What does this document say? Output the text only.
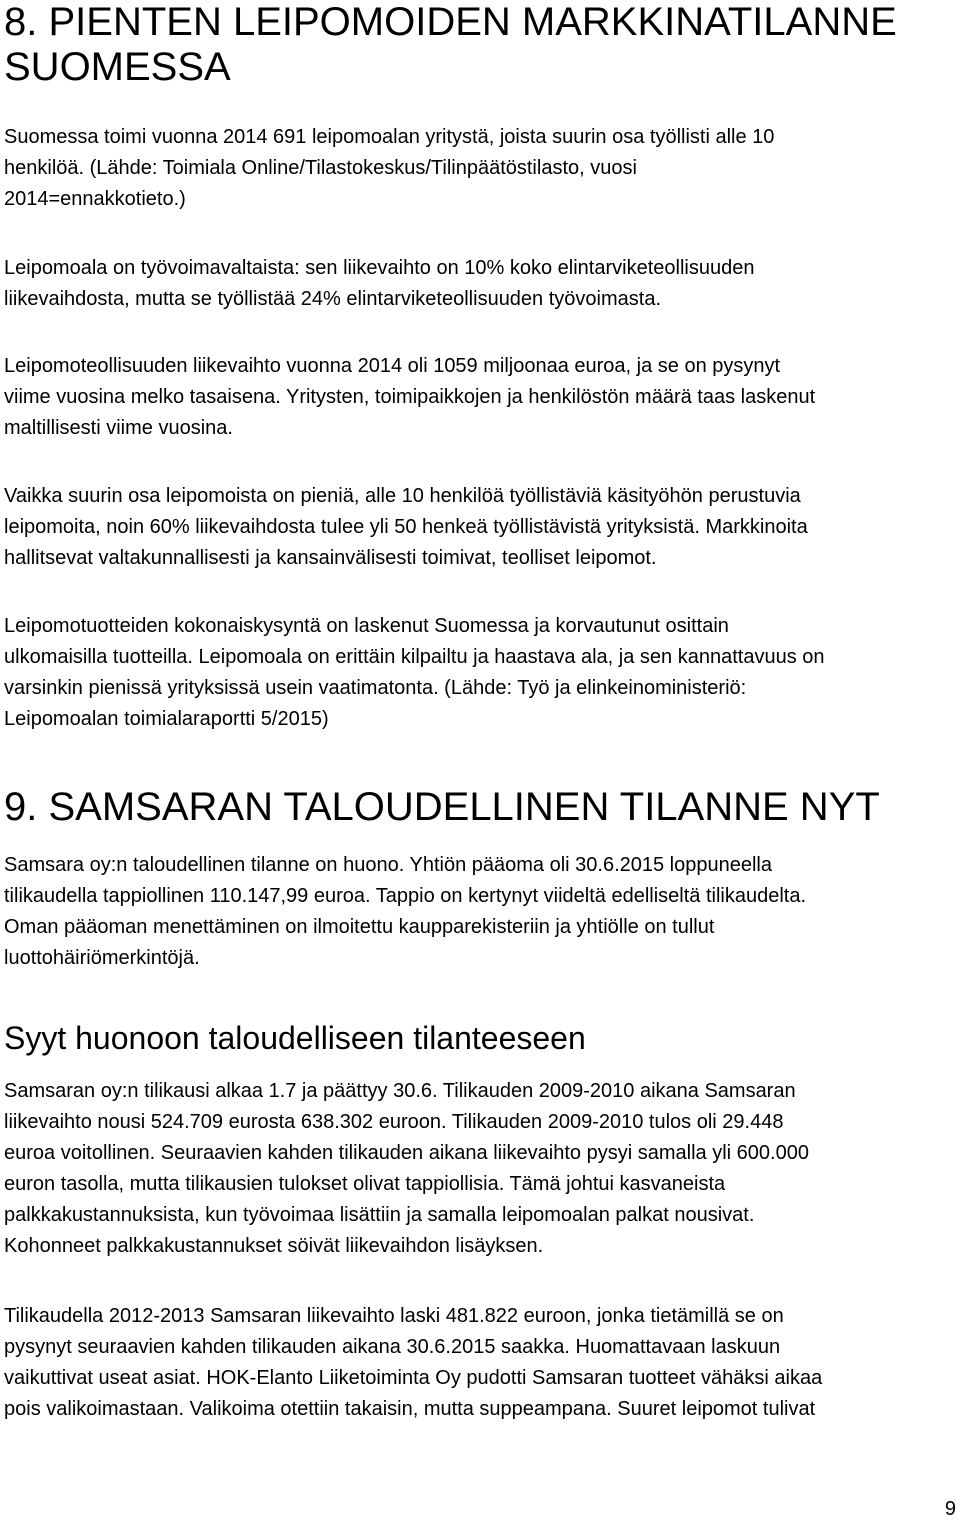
8. PIENTEN LEIPOMOIDEN MARKKINATILANNE
SUOMESSA

Suomessa toimi vuonna 2014 691 leipomoalan yritystä, joista suurin osa työllisti alle 10
henkilöä. (Lähde: Toimiala Online/Tilastokeskus/Tilinpäätöstilasto, vuosi
2014=ennakkotieto.)

Leipomoala on työvoimavaltaista: sen liikevaihto on 10% koko elintarviketeollisuuden
liikevaihdosta, mutta se työllistää 24% elintarviketeollisuuden työvoimasta.

Leipomoteollisuuden liikevaihto vuonna 2014 oli 1059 miljoonaa euroa, ja se on pysynyt
viime vuosina melko tasaisena. Yritysten, toimipaikkojen ja henkilöstön määrä taas laskenut
maltillisesti viime vuosina.

Vaikka suurin osa leipomoista on pieniä, alle 10 henkilöä työllistäviä käsityöhön perustuvia
leipomoita, noin 60% liikevaihdosta tulee yli 50 henkeä työllistävistä yrityksistä. Markkinoita
hallitsevat valtakunnallisesti ja kansainvälisesti toimivat, teolliset leipomot.

Leipomotuotteiden kokonaiskysyntä on laskenut Suomessa ja korvautunut osittain
ulkomaisilla tuotteilla. Leipomoala on erittäin kilpailtu ja haastava ala, ja sen kannattavuus on
varsinkin pienissä yrityksissä usein vaatimatonta. (Lähde: Työ ja elinkeinoministeriö:
Leipomoalan toimialaraportti 5/2015)

9. SAMSARAN TALOUDELLINEN TILANNE NYT

Samsara oy:n taloudellinen tilanne on huono. Yhtiön pääoma oli 30.6.2015 loppuneella
tilikaudella tappiollinen 110.147,99 euroa. Tappio on kertynyt viideltä edelliseltä tilikaudelta.
Oman pääoman menettäminen on ilmoitettu kaupparekisteriin ja yhtiölle on tullut
luottohäiriömerkintöjä.

Syyt huonoon taloudelliseen tilanteeseen

Samsaran oy:n tilikausi alkaa 1.7 ja päättyy 30.6. Tilikauden 2009-2010 aikana Samsaran
liikevaihto nousi 524.709 eurosta 638.302 euroon. Tilikauden 2009-2010 tulos oli 29.448
euroa voitollinen. Seuraavien kahden tilikauden aikana liikevaihto pysyi samalla yli 600.000
euron tasolla, mutta tilikausien tulokset olivat tappiollisia. Tämä johtui kasvaneista
palkkakustannuksista, kun työvoimaa lisättiin ja samalla leipomoalan palkat nousivat.
Kohonneet palkkakustannukset söivät liikevaihdon lisäyksen.

Tilikaudella 2012-2013 Samsaran liikevaihto laski 481.822 euroon, jonka tietämillä se on
pysynyt seuraavien kahden tilikauden aikana 30.6.2015 saakka. Huomattavaan laskuun
vaikuttivat useat asiat. HOK-Elanto Liiketoiminta Oy pudotti Samsaran tuotteet vähäksi aikaa
pois valikoimastaan. Valikoima otettiin takaisin, mutta suppeampana. Suuret leipomot tulivat

9
